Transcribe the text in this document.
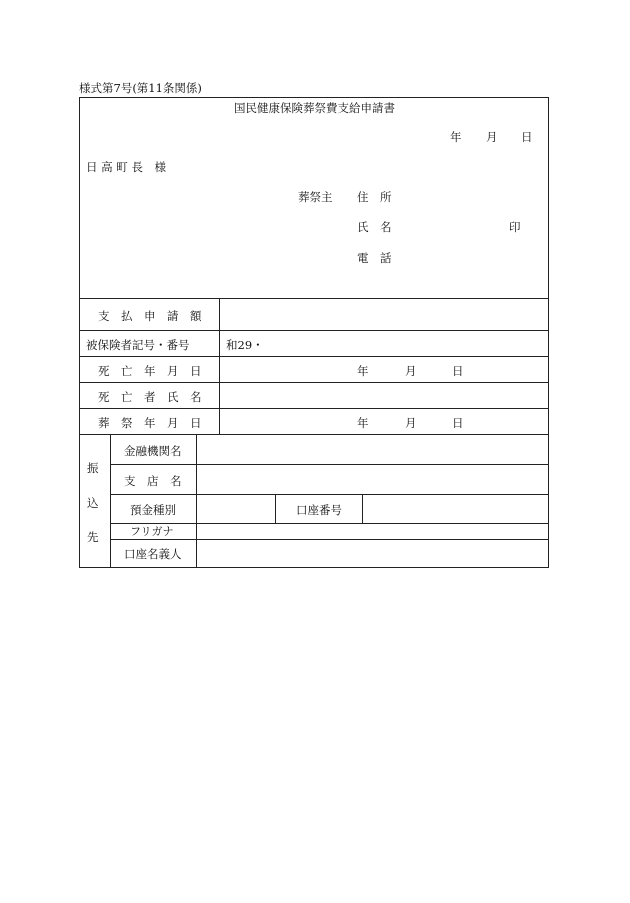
様式第7号(第11条関係)
国民健康保険葬祭費支給申請書
年 月 日
日 高 町 長　様
葬祭主 住　所
氏　名	印
電　話
支　払　申　請　額
被保険者記号・番号	和29・
死　亡　年　月　日	年	月	日
死　亡　者　氏　名
葬　祭　年　月　日	年	月	日
振
込
先
金融機関名
支　店　名
預金種別	口座番号
フリガナ
口座名義人
